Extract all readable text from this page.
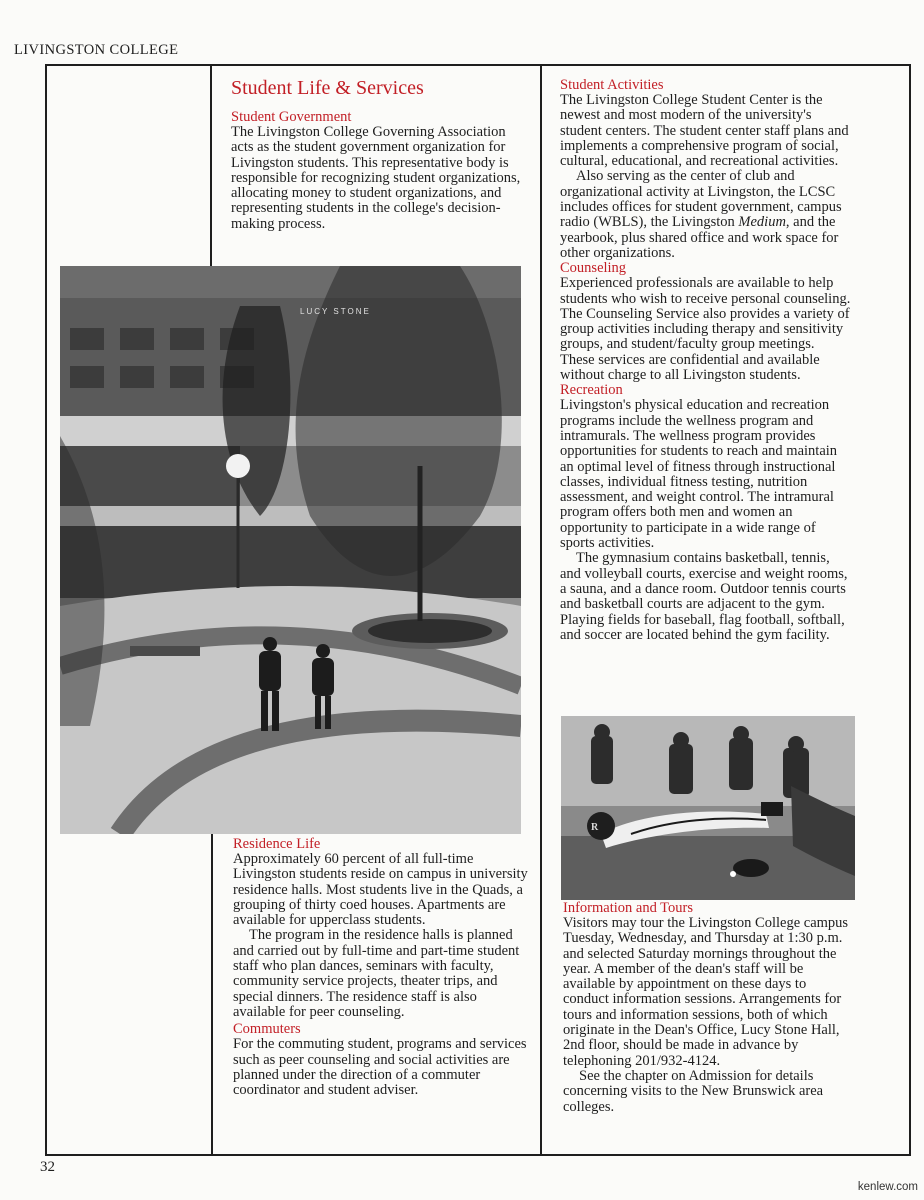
LIVINGSTON COLLEGE
Student Life & Services
Student Government

The Livingston College Governing Association acts as the student government organization for Livingston students. This representative body is responsible for recognizing student organizations, allocating money to student organizations, and representing students in the college's decision-making process.

LUCY STONE
Residence Life

Approximately 60 percent of all full-time Livingston students reside on campus in university residence halls. Most students live in the Quads, a grouping of thirty coed houses. Apartments are available for upperclass students.

The program in the residence halls is planned and carried out by full-time and part-time student staff who plan dances, seminars with faculty, community service projects, theater trips, and special dinners. The residence staff is also available for peer counseling.

Commuters

For the commuting student, programs and services such as peer counseling and social activities are planned under the direction of a commuter coordinator and student adviser.

Student Activities

The Livingston College Student Center is the newest and most modern of the university's student centers. The student center staff plans and implements a comprehensive program of social, cultural, educational, and recreational activities.

Also serving as the center of club and organizational activity at Livingston, the LCSC includes offices for student government, campus radio (WBLS), the Livingston Medium, and the yearbook, plus shared office and work space for other organizations.

Counseling

Experienced professionals are available to help students who wish to receive personal counseling. The Counseling Service also provides a variety of group activities including therapy and sensitivity groups, and student/faculty group meetings. These services are confidential and available without charge to all Livingston students.

Recreation

Livingston's physical education and recreation programs include the wellness program and intramurals. The wellness program provides opportunities for students to reach and maintain an optimal level of fitness through instructional classes, individual fitness testing, nutrition assessment, and weight control. The intramural program offers both men and women an opportunity to participate in a wide range of sports activities.

The gymnasium contains basketball, tennis, and volleyball courts, exercise and weight rooms, a sauna, and a dance room. Outdoor tennis courts and basketball courts are adjacent to the gym. Playing fields for baseball, flag football, softball, and soccer are located behind the gym facility.

R
Information and Tours

Visitors may tour the Livingston College campus Tuesday, Wednesday, and Thursday at 1:30 p.m. and selected Saturday mornings throughout the year. A member of the dean's staff will be available by appointment on these days to conduct information sessions. Arrangements for tours and information sessions, both of which originate in the Dean's Office, Lucy Stone Hall, 2nd floor, should be made in advance by telephoning 201/932-4124.

See the chapter on Admission for details concerning visits to the New Brunswick area colleges.

32
kenlew.com
